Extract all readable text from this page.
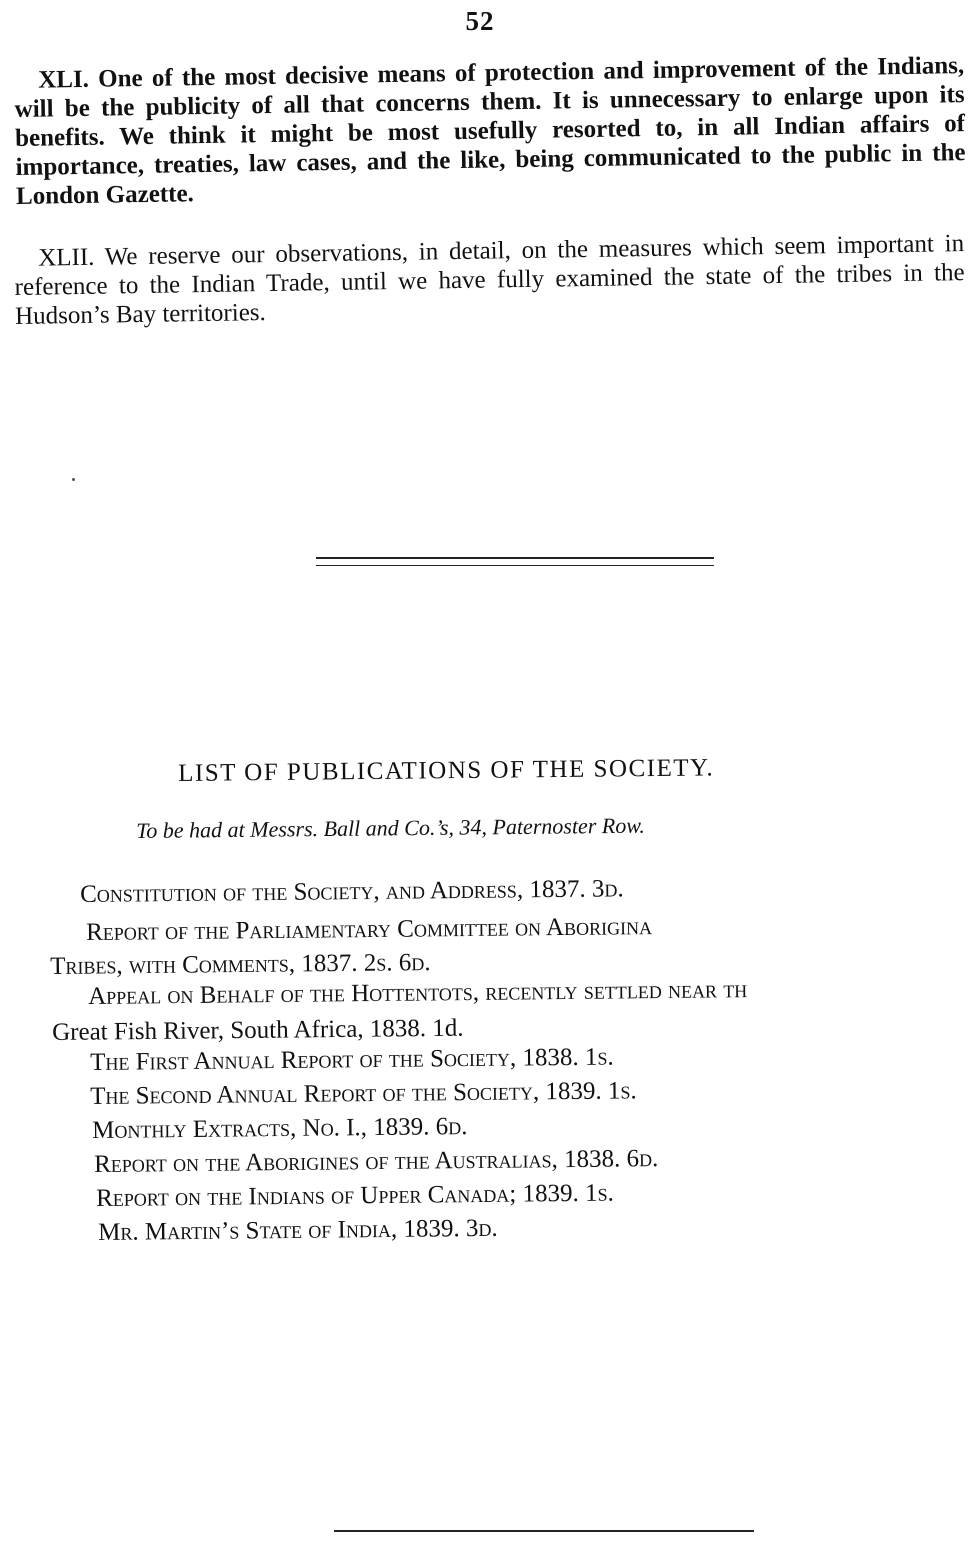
52
XLI. One of the most decisive means of protection and improvement of the Indians, will be the publicity of all that concerns them. It is unnecessary to enlarge upon its benefits. We think it might be most usefully resorted to, in all Indian affairs of importance, treaties, law cases, and the like, being communicated to the public in the London Gazette.
XLII. We reserve our observations, in detail, on the measures which seem important in reference to the Indian Trade, until we have fully examined the state of the tribes in the Hudson’s Bay territories.
LIST OF PUBLICATIONS OF THE SOCIETY.
To be had at Messrs. Ball and Co.’s, 34, Paternoster Row.
Constitution of the Society, and Address, 1837. 3d.
Report of the Parliamentary Committee on Aborigina
Tribes, with Comments, 1837. 2s. 6d.
Appeal on Behalf of the Hottentots, recently settled near th
Great Fish River, South Africa, 1838. 1d.
The First Annual Report of the Society, 1838. 1s.
The Second Annual Report of the Society, 1839. 1s.
Monthly Extracts, No. I., 1839. 6d.
Report on the Aborigines of the Australias, 1838. 6d.
Report on the Indians of Upper Canada; 1839. 1s.
Mr. Martin’s State of India, 1839. 3d.
